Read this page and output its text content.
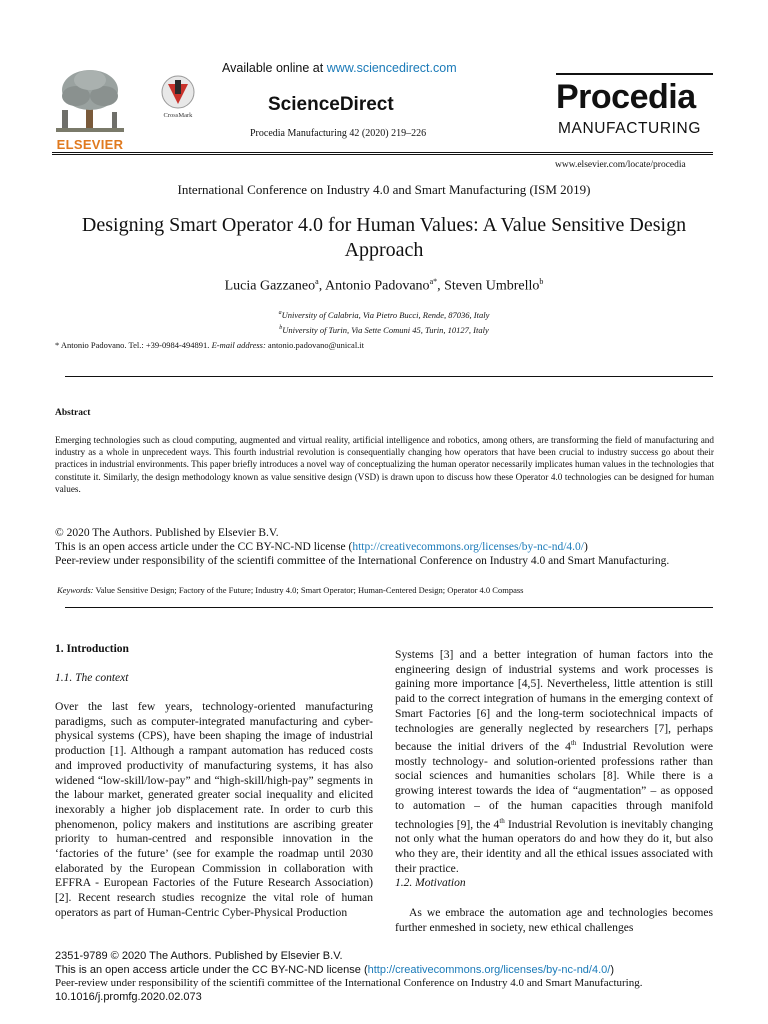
ELSEVIER
CrossMark
Available online at www.sciencedirect.com
ScienceDirect
Procedia Manufacturing 42 (2020) 219–226
Procedia
MANUFACTURING
www.elsevier.com/locate/procedia
International Conference on Industry 4.0 and Smart Manufacturing (ISM 2019)
Designing Smart Operator 4.0 for Human Values: A Value Sensitive Design Approach
Lucia Gazzaneo$^a$, Antonio Padovano$^{a*}$, Steven Umbrello$^b$
$^a$University of Calabria, Via Pietro Bucci, Rende, 87036, Italy
$^b$University of Turin, Via Sette Comuni 45, Turin, 10127, Italy
* Antonio Padovano. Tel.: +39-0984-494891. E-mail address: antonio.padovano@unical.it
Abstract
Emerging technologies such as cloud computing, augmented and virtual reality, artificial intelligence and robotics, among others, are transforming the field of manufacturing and industry as a whole in unprecedent ways. This fourth industrial revolution is consequentially changing how operators that have been crucial to industry success go about their practices in industrial environments. This paper briefly introduces a novel way of conceptualizing the human operator necessarily implicates human values in the technologies that constitute it. Similarly, the design methodology known as value sensitive design (VSD) is drawn upon to discuss how these Operator 4.0 technologies can be designed for human values.
© 2020 The Authors. Published by Elsevier B.V.
This is an open access article under the CC BY-NC-ND license (http://creativecommons.org/licenses/by-nc-nd/4.0/)
Peer-review under responsibility of the scientifi committee of the International Conference on Industry 4.0 and Smart Manufacturing.
Keywords: Value Sensitive Design; Factory of the Future; Industry 4.0; Smart Operator; Human-Centered Design; Operator 4.0 Compass
1. Introduction
1.1. The context
Over the last few years, technology-oriented manufacturing paradigms, such as computer-integrated manufacturing and cyber-physical systems (CPS), have been shaping the image of industrial production [1]. Although a rampant automation has reduced costs and improved productivity of manufacturing systems, it has also widened “low-skill/low-pay” and “high-skill/high-pay” segments in the labour market, generated greater social inequality and elicited inexorably a higher job displacement rate. In order to curb this phenomenon, policy makers and institutions are ascribing greater priority to human-centred and responsible innovation in the ‘factories of the future’ (see for example the roadmap until 2030 elaborated by the European Commission in collaboration with EFFRA - European Factories of the Future Research Association) [2]. Recent research studies recognize the vital role of human operators as part of Human-Centric Cyber-Physical Production
Systems [3] and a better integration of human factors into the engineering design of industrial systems and work processes is gaining more importance [4,5]. Nevertheless, little attention is still paid to the correct integration of humans in the emerging context of Smart Factories [6] and the long-term sociotechnical impacts of technologies are generally neglected by researchers [7], perhaps because the initial drivers of the 4th Industrial Revolution were mostly technology- and solution-oriented professions rather than social sciences and humanities scholars [8]. While there is a growing interest towards the idea of “augmentation” – as opposed to automation – of the human capacities through manifold technologies [9], the 4th Industrial Revolution is inevitably changing not only what the human operators do and how they do it, but also who they are, their identity and all the ethical issues associated with their practice.
1.2. Motivation
As we embrace the automation age and technologies becomes further enmeshed in society, new ethical challenges
2351-9789 © 2020 The Authors. Published by Elsevier B.V.
This is an open access article under the CC BY-NC-ND license (http://creativecommons.org/licenses/by-nc-nd/4.0/)
Peer-review under responsibility of the scientifi committee of the International Conference on Industry 4.0 and Smart Manufacturing.
10.1016/j.promfg.2020.02.073
